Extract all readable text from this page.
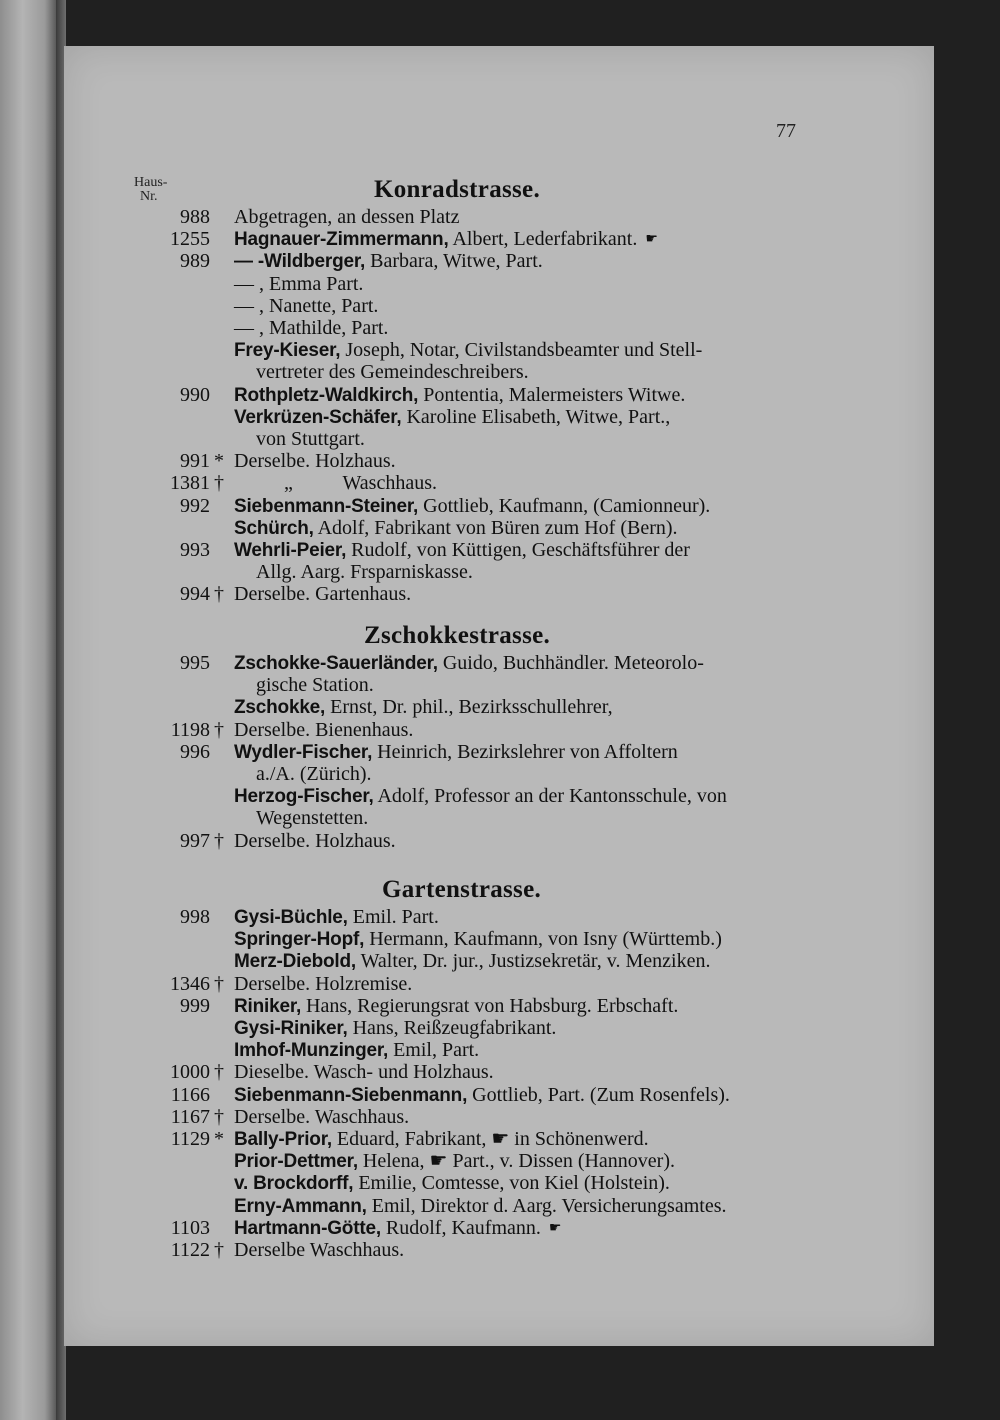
77
Haus-
Nr.	Konradstrasse.
988 Abgetragen, an dessen Platz
1255 Hagnauer-Zimmermann, Albert, Lederfabrikant. ☛
989 — -Wildberger, Barbara, Witwe, Part.
— , Emma Part.
— , Nanette, Part.
— , Mathilde, Part.
Frey-Kieser, Joseph, Notar, Civilstandsbeamter und Stell-
vertreter des Gemeindeschreibers.
990 Rothpletz-Waldkirch, Pontentia, Malermeisters Witwe.
Verkrüzen-Schäfer, Karoline Elisabeth, Witwe, Part.,
von Stuttgart.
991 * Derselbe. Holzhaus.
1381 † „          Waschhaus.
992 Siebenmann-Steiner, Gottlieb, Kaufmann, (Camionneur).
Schürch, Adolf, Fabrikant von Büren zum Hof (Bern).
993 Wehrli-Peier, Rudolf, von Küttigen, Geschäftsführer der
Allg. Aarg. Frsparniskasse.
994 † Derselbe. Gartenhaus.
Zschokkestrasse.
995 Zschokke-Sauerländer, Guido, Buchhändler. Meteorolo-
gische Station.
Zschokke, Ernst, Dr. phil., Bezirksschullehrer,
1198 † Derselbe. Bienenhaus.
996 Wydler-Fischer, Heinrich, Bezirkslehrer von Affoltern
a./A. (Zürich).
Herzog-Fischer, Adolf, Professor an der Kantonsschule, von
Wegenstetten.
997 † Derselbe. Holzhaus.
Gartenstrasse.
998 Gysi-Büchle, Emil. Part.
Springer-Hopf, Hermann, Kaufmann, von Isny (Württemb.)
Merz-Diebold, Walter, Dr. jur., Justizsekretär, v. Menziken.
1346 † Derselbe. Holzremise.
999 Riniker, Hans, Regierungsrat von Habsburg. Erbschaft.
Gysi-Riniker, Hans, Reißzeugfabrikant.
Imhof-Munzinger, Emil, Part.
1000 † Dieselbe. Wasch- und Holzhaus.
1166 Siebenmann-Siebenmann, Gottlieb, Part. (Zum Rosenfels).
1167 † Derselbe. Waschhaus.
1129 * Bally-Prior, Eduard, Fabrikant, ☛ in Schönenwerd.
Prior-Dettmer, Helena, ☛ Part., v. Dissen (Hannover).
v. Brockdorff, Emilie, Comtesse, von Kiel (Holstein).
Erny-Ammann, Emil, Direktor d. Aarg. Versicherungsamtes.
1103 Hartmann-Götte, Rudolf, Kaufmann. ☛
1122 † Derselbe Waschhaus.
